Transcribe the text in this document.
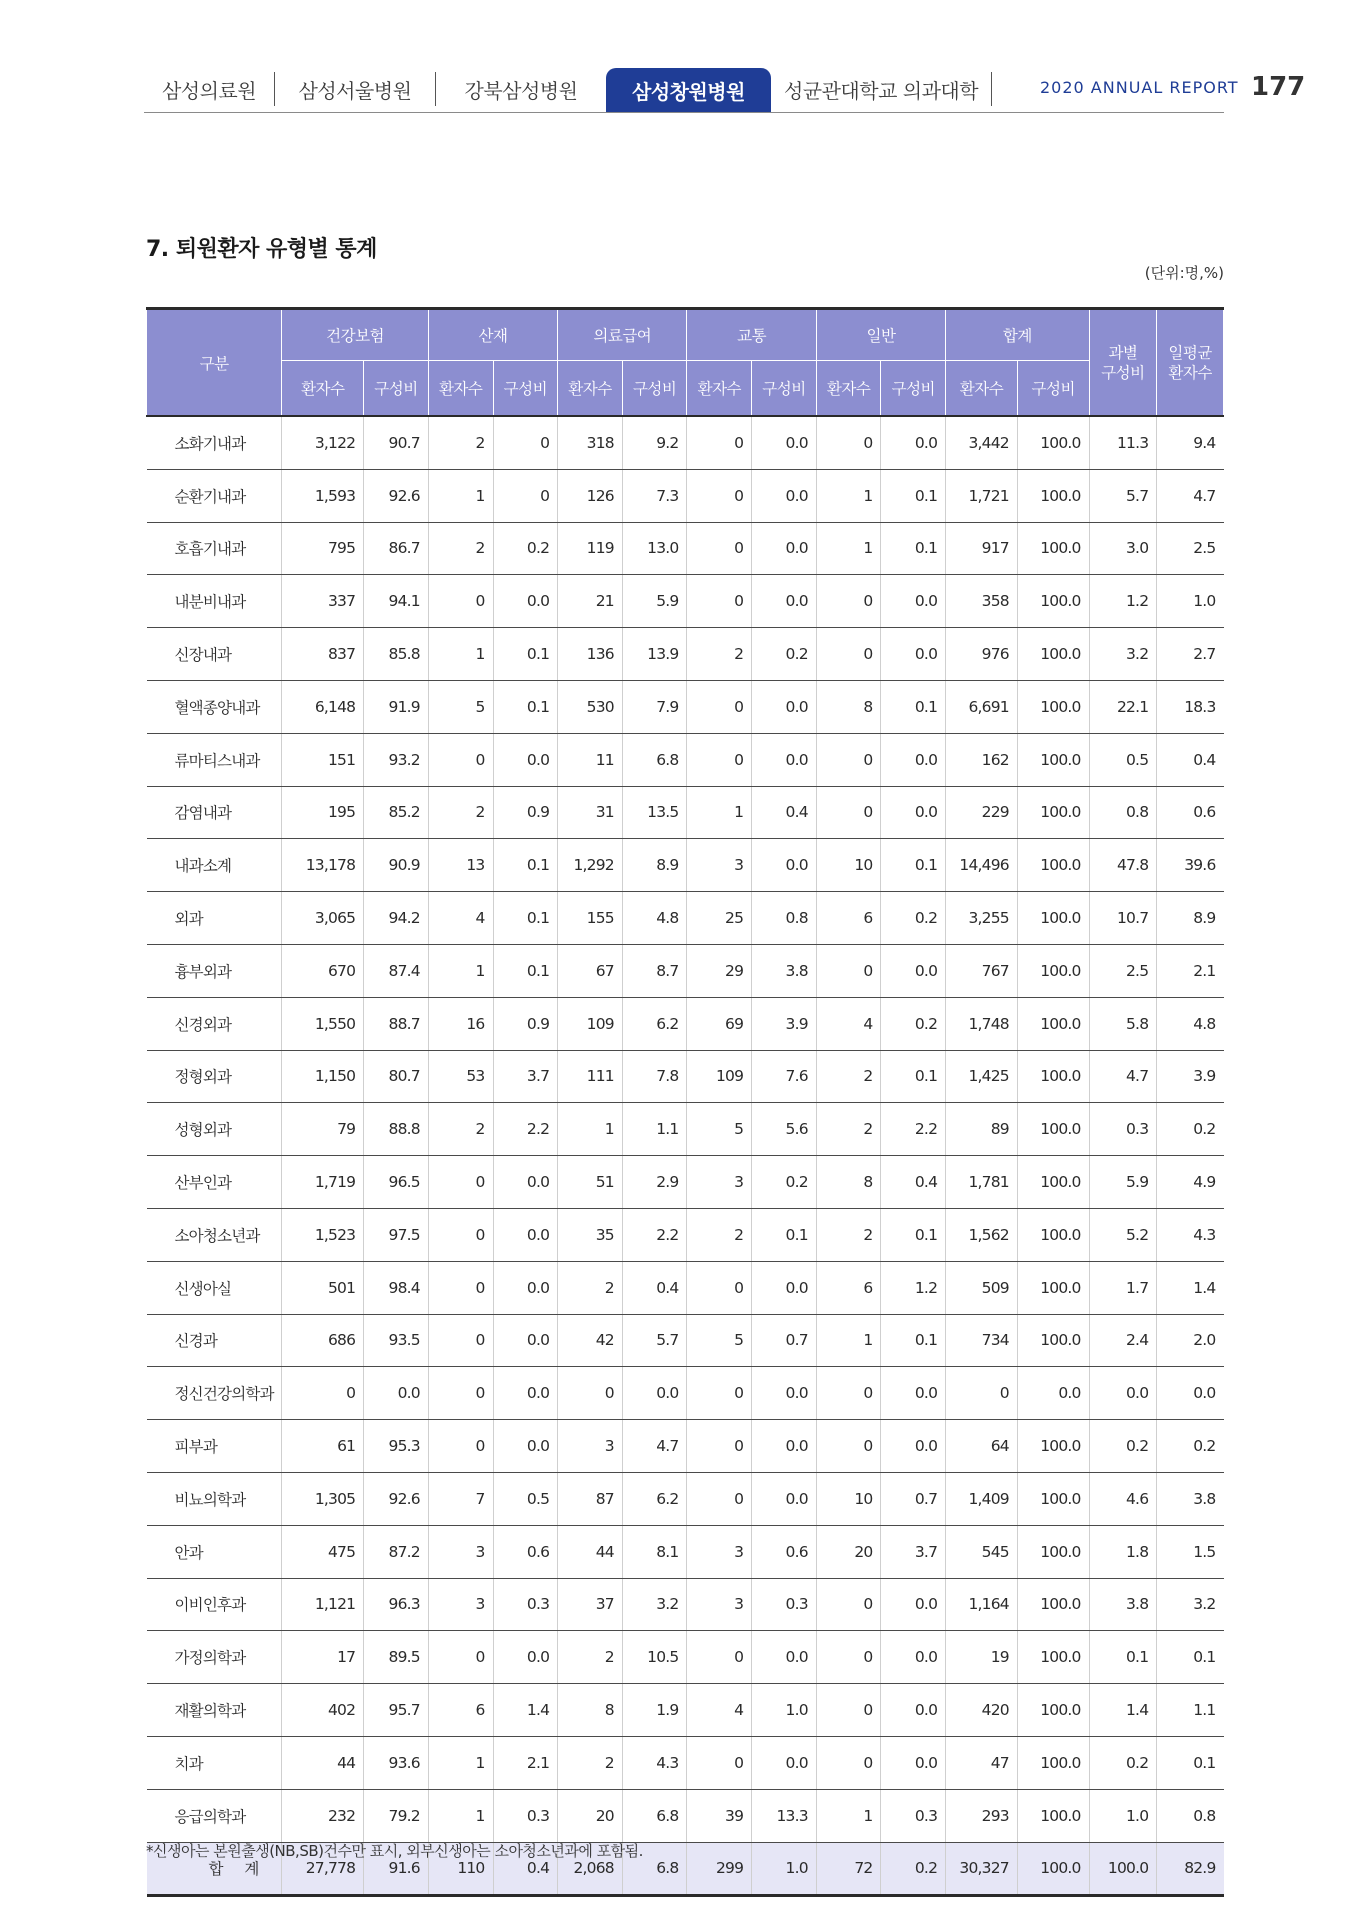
삼성의료원 삼성서울병원	강북삼성병원	삼성창원병원 성균관대학교 의과대학	2020 ANNUAL REPORT 177
7. 퇴원환자 유형별 통계
(단위:명,%)
구분	건강보험		산재		의료급여		교통		일반		합계		과별 구성비	일평균 환자수
	환자수	구성비	환자수	구성비	환자수	구성비	환자수	구성비	환자수	구성비	환자수	구성비		
소화기내과	3,122	90.7	2	0	318	9.2	0	0.0	0	0.0	3,442	100.0	11.3	9.4
순환기내과	1,593	92.6	1	0	126	7.3	0	0.0	1	0.1	1,721	100.0	5.7	4.7
호흡기내과	795	86.7	2	0.2	119	13.0	0	0.0	1	0.1	917	100.0	3.0	2.5
내분비내과	337	94.1	0	0.0	21	5.9	0	0.0	0	0.0	358	100.0	1.2	1.0
신장내과	837	85.8	1	0.1	136	13.9	2	0.2	0	0.0	976	100.0	3.2	2.7
혈액종양내과	6,148	91.9	5	0.1	530	7.9	0	0.0	8	0.1	6,691	100.0	22.1	18.3
류마티스내과	151	93.2	0	0.0	11	6.8	0	0.0	0	0.0	162	100.0	0.5	0.4
감염내과	195	85.2	2	0.9	31	13.5	1	0.4	0	0.0	229	100.0	0.8	0.6
내과소계	13,178	90.9	13	0.1	1,292	8.9	3	0.0	10	0.1	14,496	100.0	47.8	39.6
외과	3,065	94.2	4	0.1	155	4.8	25	0.8	6	0.2	3,255	100.0	10.7	8.9
흉부외과	670	87.4	1	0.1	67	8.7	29	3.8	0	0.0	767	100.0	2.5	2.1
신경외과	1,550	88.7	16	0.9	109	6.2	69	3.9	4	0.2	1,748	100.0	5.8	4.8
정형외과	1,150	80.7	53	3.7	111	7.8	109	7.6	2	0.1	1,425	100.0	4.7	3.9
성형외과	79	88.8	2	2.2	1	1.1	5	5.6	2	2.2	89	100.0	0.3	0.2
산부인과	1,719	96.5	0	0.0	51	2.9	3	0.2	8	0.4	1,781	100.0	5.9	4.9
소아청소년과	1,523	97.5	0	0.0	35	2.2	2	0.1	2	0.1	1,562	100.0	5.2	4.3
신생아실	501	98.4	0	0.0	2	0.4	0	0.0	6	1.2	509	100.0	1.7	1.4
신경과	686	93.5	0	0.0	42	5.7	5	0.7	1	0.1	734	100.0	2.4	2.0
정신건강의학과	0	0.0	0	0.0	0	0.0	0	0.0	0	0.0	0	0.0	0.0	0.0
피부과	61	95.3	0	0.0	3	4.7	0	0.0	0	0.0	64	100.0	0.2	0.2
비뇨의학과	1,305	92.6	7	0.5	87	6.2	0	0.0	10	0.7	1,409	100.0	4.6	3.8
안과	475	87.2	3	0.6	44	8.1	3	0.6	20	3.7	545	100.0	1.8	1.5
이비인후과	1,121	96.3	3	0.3	37	3.2	3	0.3	0	0.0	1,164	100.0	3.8	3.2
가정의학과	17	89.5	0	0.0	2	10.5	0	0.0	0	0.0	19	100.0	0.1	0.1
재활의학과	402	95.7	6	1.4	8	1.9	4	1.0	0	0.0	420	100.0	1.4	1.1
치과	44	93.6	1	2.1	2	4.3	0	0.0	0	0.0	47	100.0	0.2	0.1
응급의학과	232	79.2	1	0.3	20	6.8	39	13.3	1	0.3	293	100.0	1.0	0.8
합 계	27,778	91.6	110	0.4	2,068	6.8	299	1.0	72	0.2	30,327	100.0	100.0	82.9
*신생아는 본원출생(NB,SB)건수만 표시, 외부신생아는 소아청소년과에 포함됨.
